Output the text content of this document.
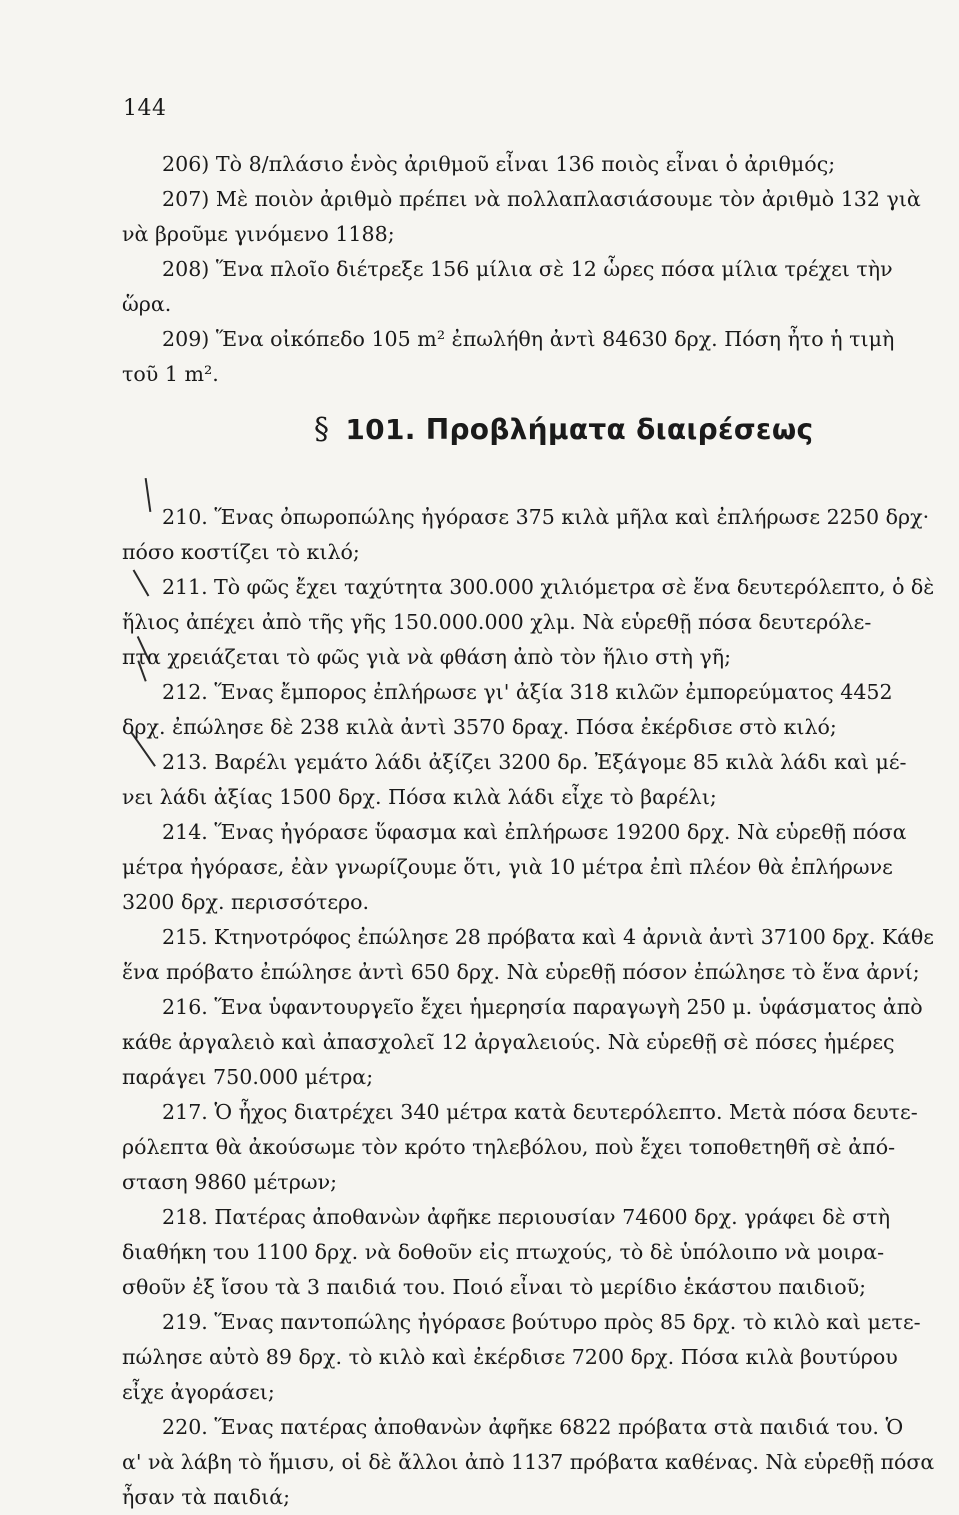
144
206) Τὸ 8/πλάσιο ἑνὸς ἀριθμοῦ εἶναι 136 ποιὸς εἶναι ὁ ἀριθμός;
207) Μὲ ποιὸν ἀριθμὸ πρέπει νὰ πολλαπλασιάσουμε τὸν ἀριθμὸ 132 γιὰ
νὰ βροῦμε γινόμενο 1188;
208) Ἕνα πλοῖο διέτρεξε 156 μίλια σὲ 12 ὧρες πόσα μίλια τρέχει τὴν
ὥρα.
209) Ἕνα οἰκόπεδο 105 m² ἐπωλήθη ἀντὶ 84630 δρχ. Πόση ἦτο ἡ τιμὴ
τοῦ 1 m².
§ 101. Προβλήματα διαιρέσεως
210. Ἕνας ὀπωροπώλης ἠγόρασε 375 κιλὰ μῆλα καὶ ἐπλήρωσε 2250 δρχ·
πόσο κοστίζει τὸ κιλό;
211. Τὸ φῶς ἔχει ταχύτητα 300.000 χιλιόμετρα σὲ ἕνα δευτερόλεπτο, ὁ δὲ
ἥλιος ἀπέχει ἀπὸ τῆς γῆς 150.000.000 χλμ. Νὰ εὑρεθῇ πόσα δευτερόλε-
πτα χρειάζεται τὸ φῶς γιὰ νὰ φθάση ἀπὸ τὸν ἥλιο στὴ γῆ;
212. Ἕνας ἔμπορος ἐπλήρωσε γι' ἀξία 318 κιλῶν ἐμπορεύματος 4452
δρχ. ἐπώλησε δὲ 238 κιλὰ ἀντὶ 3570 δραχ. Πόσα ἐκέρδισε στὸ κιλό;
213. Βαρέλι γεμάτο λάδι ἀξίζει 3200 δρ. Ἐξάγομε 85 κιλὰ λάδι καὶ μέ-
νει λάδι ἀξίας 1500 δρχ. Πόσα κιλὰ λάδι εἶχε τὸ βαρέλι;
214. Ἕνας ἠγόρασε ὕφασμα καὶ ἐπλήρωσε 19200 δρχ. Νὰ εὑρεθῇ πόσα
μέτρα ἠγόρασε, ἐὰν γνωρίζουμε ὅτι, γιὰ 10 μέτρα ἐπὶ πλέον θὰ ἐπλήρωνε
3200 δρχ. περισσότερο.
215. Κτηνοτρόφος ἐπώλησε 28 πρόβατα καὶ 4 ἀρνιὰ ἀντὶ 37100 δρχ. Κάθε
ἕνα πρόβατο ἐπώλησε ἀντὶ 650 δρχ. Νὰ εὑρεθῇ πόσον ἐπώλησε τὸ ἕνα ἀρνί;
216. Ἕνα ὑφαντουργεῖο ἔχει ἡμερησία παραγωγὴ 250 μ. ὑφάσματος ἀπὸ
κάθε ἀργαλειὸ καὶ ἀπασχολεῖ 12 ἀργαλειούς. Νὰ εὑρεθῇ σὲ πόσες ἡμέρες
παράγει 750.000 μέτρα;
217. Ὁ ἦχος διατρέχει 340 μέτρα κατὰ δευτερόλεπτο. Μετὰ πόσα δευτε-
ρόλεπτα θὰ ἀκούσωμε τὸν κρότο τηλεβόλου, ποὺ ἔχει τοποθετηθῆ σὲ ἀπό-
σταση 9860 μέτρων;
218. Πατέρας ἀποθανὼν ἀφῆκε περιουσίαν 74600 δρχ. γράφει δὲ στὴ
διαθήκη του 1100 δρχ. νὰ δοθοῦν εἰς πτωχούς, τὸ δὲ ὑπόλοιπο νὰ μοιρα-
σθοῦν ἐξ ἴσου τὰ 3 παιδιά του. Ποιό εἶναι τὸ μερίδιο ἑκάστου παιδιοῦ;
219. Ἕνας παντοπώλης ἠγόρασε βούτυρο πρὸς 85 δρχ. τὸ κιλὸ καὶ μετε-
πώλησε αὐτὸ 89 δρχ. τὸ κιλὸ καὶ ἐκέρδισε 7200 δρχ. Πόσα κιλὰ βουτύρου
εἶχε ἀγοράσει;
220. Ἕνας πατέρας ἀποθανὼν ἀφῆκε 6822 πρόβατα στὰ παιδιά του. Ὁ
α' νὰ λάβη τὸ ἥμισυ, οἱ δὲ ἄλλοι ἀπὸ 1137 πρόβατα καθένας. Νὰ εὑρεθῇ πόσα
ἦσαν τὰ παιδιά;
